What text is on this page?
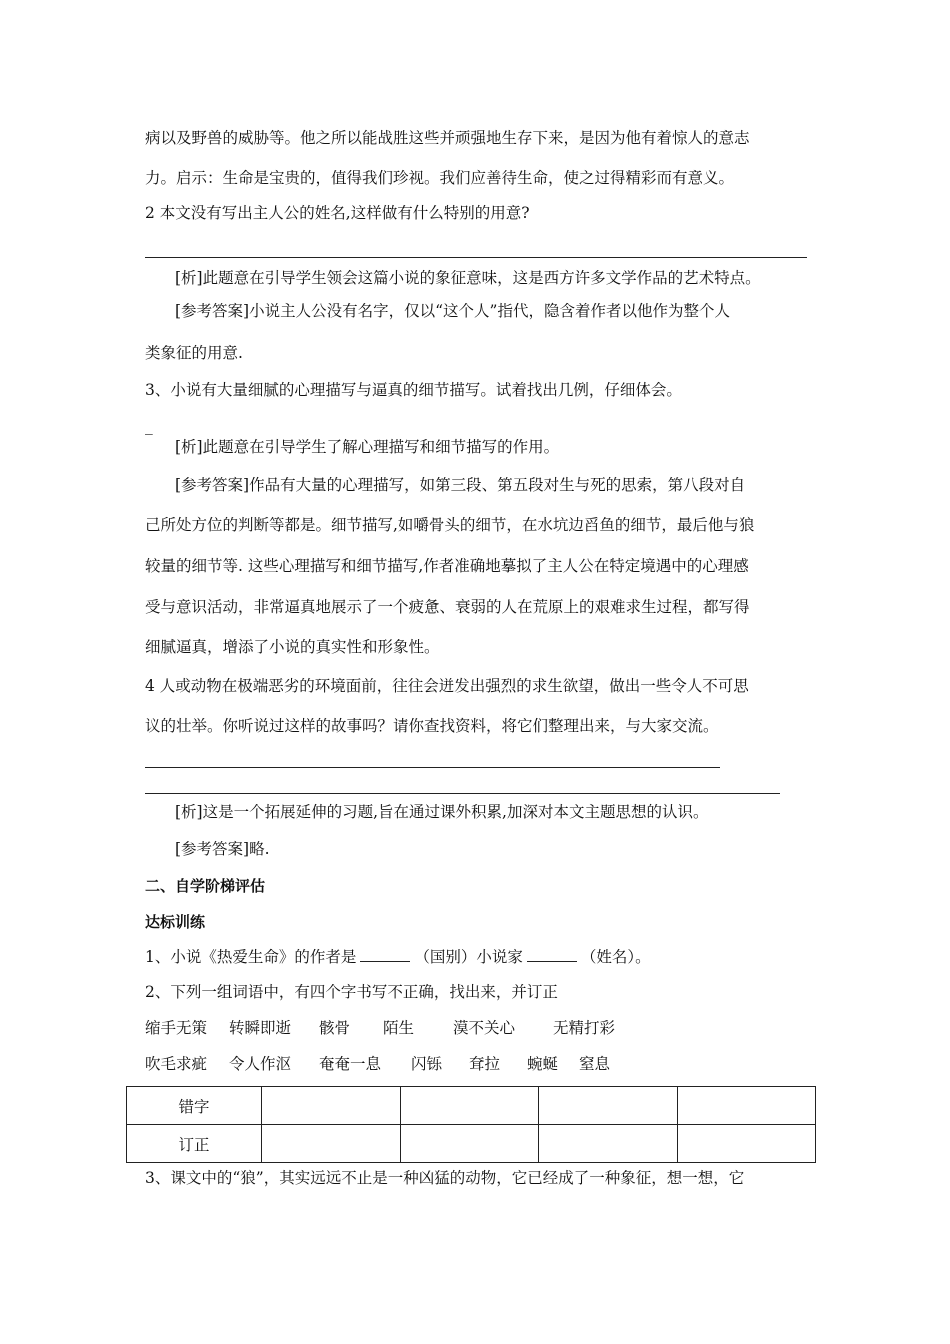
病以及野兽的威胁等。他之所以能战胜这些并顽强地生存下来，是因为他有着惊人的意志
力。启示：生命是宝贵的，值得我们珍视。我们应善待生命，使之过得精彩而有意义。
2 本文没有写出主人公的姓名,这样做有什么特别的用意?
[析]此题意在引导学生领会这篇小说的象征意味，这是西方许多文学作品的艺术特点。
[参考答案]小说主人公没有名字，仅以“这个人”指代，隐含着作者以他作为整个人
类象征的用意.
3、小说有大量细腻的心理描写与逼真的细节描写。试着找出几例，仔细体会。
_
[析]此题意在引导学生了解心理描写和细节描写的作用。
[参考答案]作品有大量的心理描写，如第三段、第五段对生与死的思索，第八段对自
己所处方位的判断等都是。细节描写,如嚼骨头的细节，在水坑边舀鱼的细节，最后他与狼
较量的细节等. 这些心理描写和细节描写,作者准确地摹拟了主人公在特定境遇中的心理感
受与意识活动，非常逼真地展示了一个疲惫、衰弱的人在荒原上的艰难求生过程，都写得
细腻逼真，增添了小说的真实性和形象性。
4 人或动物在极端恶劣的环境面前，往往会迸发出强烈的求生欲望，做出一些令人不可思
议的壮举。你听说过这样的故事吗？请你查找资料，将它们整理出来，与大家交流。
[析]这是一个拓展延伸的习题,旨在通过课外积累,加深对本文主题思想的认识。
[参考答案]略.
二、自学阶梯评估
达标训练
1、小说《热爱生命》的作者是	（国别）小说家	（姓名）。
2、下列一组词语中，有四个字书写不正确，找出来，并订正
缩手无策 转瞬即逝 骸骨 陌生	漠不关心 无精打彩
吹毛求疵 令人作沤 奄奄一息 闪铄 耷拉 蜿蜒 窒息
错字				
订正				
3、课文中的“狼”，其实远远不止是一种凶猛的动物，它已经成了一种象征，想一想，它
